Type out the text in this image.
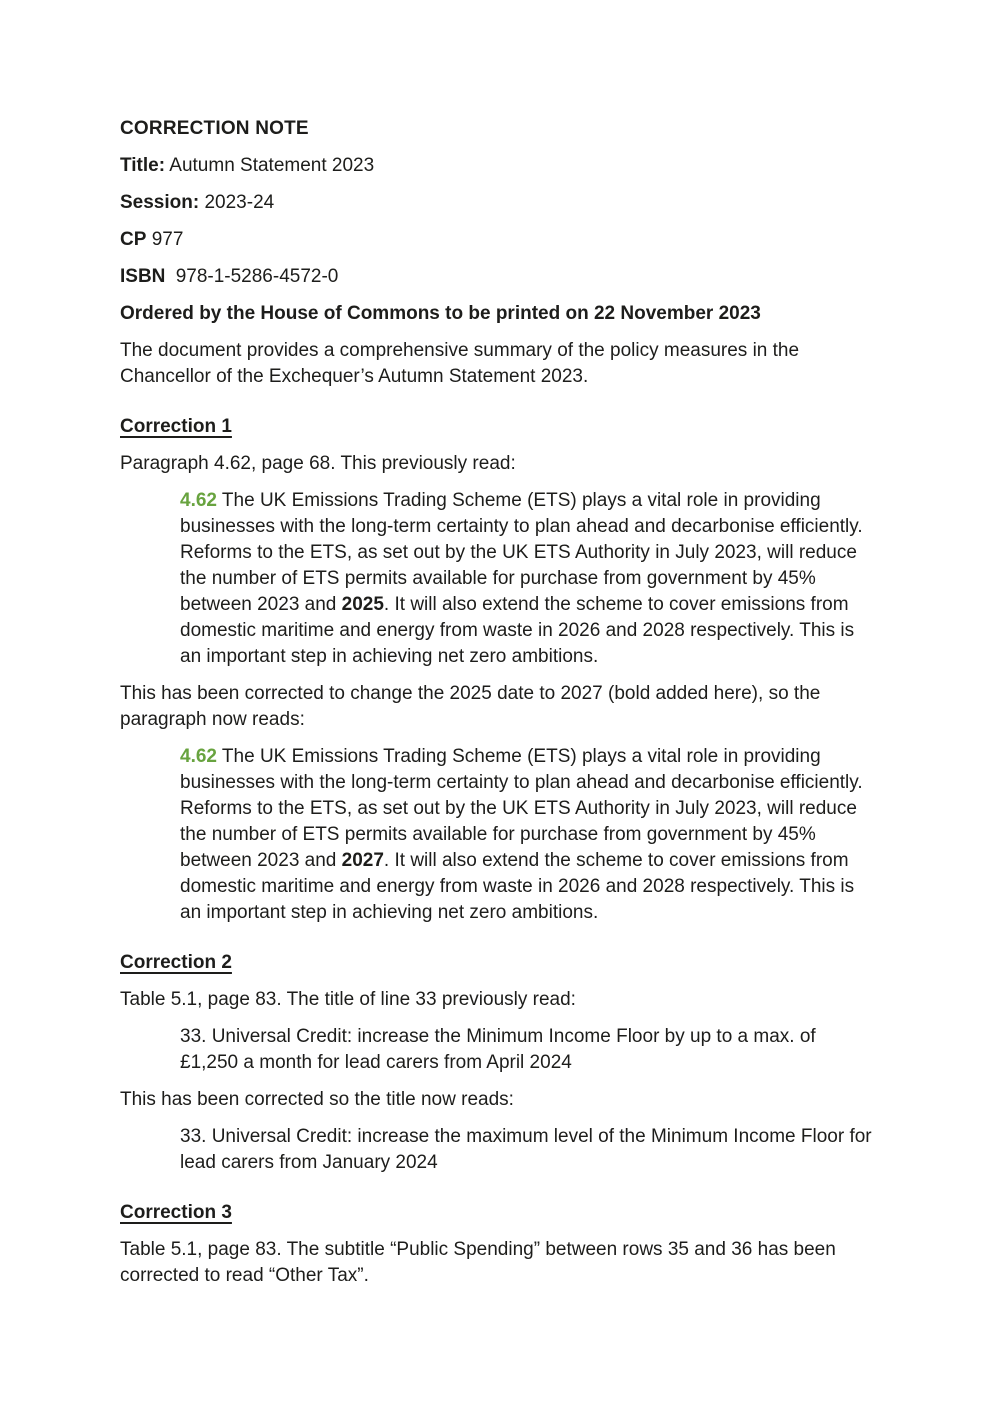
CORRECTION NOTE

Title: Autumn Statement 2023

Session: 2023-24

CP 977

ISBN 978-1-5286-4572-0

Ordered by the House of Commons to be printed on 22 November 2023

The document provides a comprehensive summary of the policy measures in the Chancellor of the Exchequer’s Autumn Statement 2023.

Correction 1

Paragraph 4.62, page 68. This previously read:

4.62 The UK Emissions Trading Scheme (ETS) plays a vital role in providing businesses with the long-term certainty to plan ahead and decarbonise efficiently. Reforms to the ETS, as set out by the UK ETS Authority in July 2023, will reduce the number of ETS permits available for purchase from government by 45% between 2023 and 2025. It will also extend the scheme to cover emissions from domestic maritime and energy from waste in 2026 and 2028 respectively. This is an important step in achieving net zero ambitions.

This has been corrected to change the 2025 date to 2027 (bold added here), so the paragraph now reads:

4.62 The UK Emissions Trading Scheme (ETS) plays a vital role in providing businesses with the long-term certainty to plan ahead and decarbonise efficiently. Reforms to the ETS, as set out by the UK ETS Authority in July 2023, will reduce the number of ETS permits available for purchase from government by 45% between 2023 and 2027. It will also extend the scheme to cover emissions from domestic maritime and energy from waste in 2026 and 2028 respectively. This is an important step in achieving net zero ambitions.

Correction 2

Table 5.1, page 83. The title of line 33 previously read:

33. Universal Credit: increase the Minimum Income Floor by up to a max. of £1,250 a month for lead carers from April 2024

This has been corrected so the title now reads:

33. Universal Credit: increase the maximum level of the Minimum Income Floor for lead carers from January 2024

Correction 3

Table 5.1, page 83. The subtitle “Public Spending” between rows 35 and 36 has been corrected to read “Other Tax”.
